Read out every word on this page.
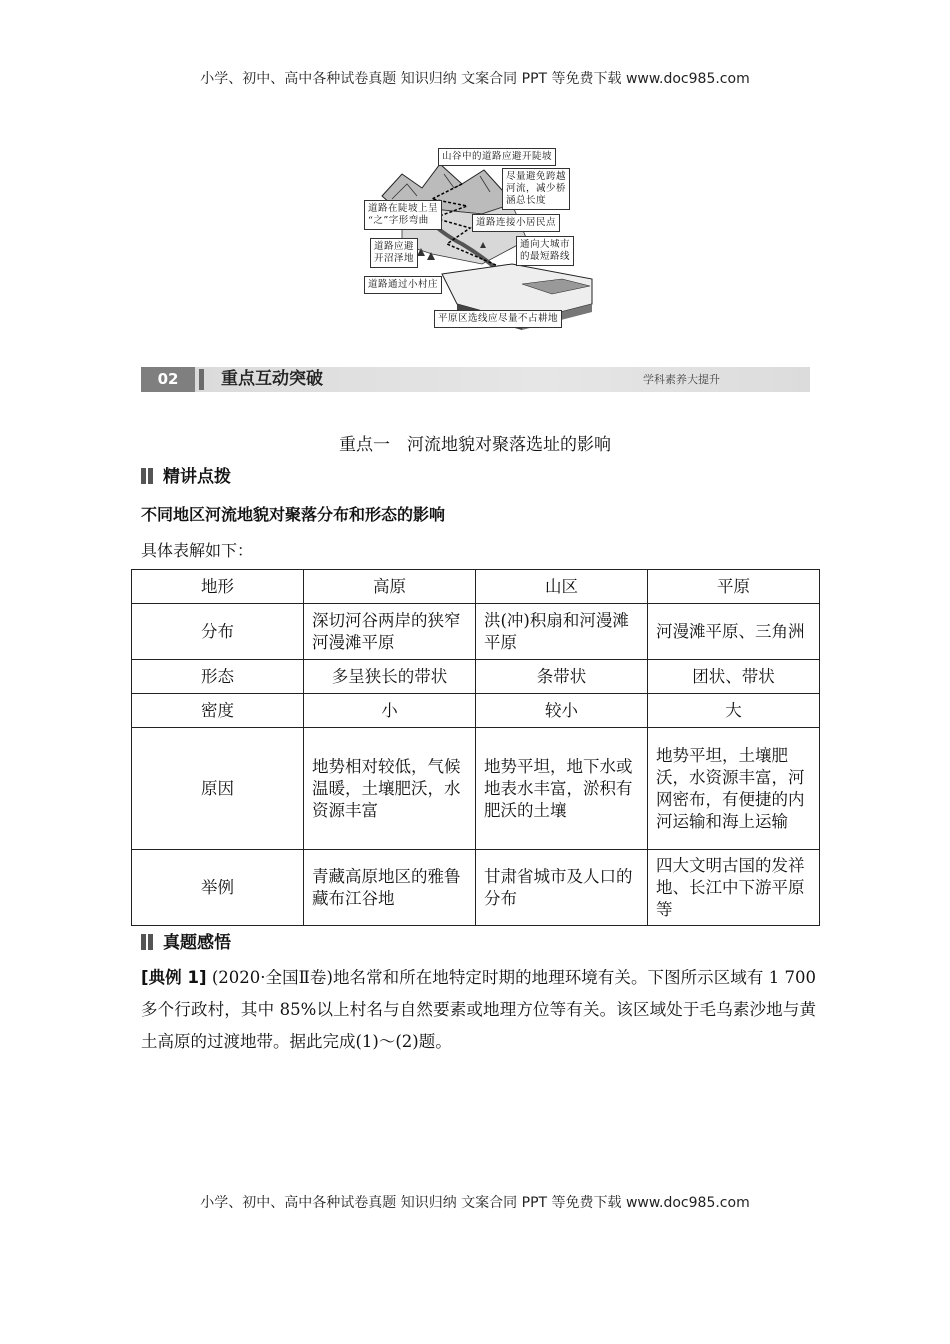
小学、初中、高中各种试卷真题 知识归纳 文案合同 PPT 等免费下载 www.doc985.com
山谷中的道路应避开陡坡
尽量避免跨越
河流，减少桥
涵总长度
道路在陡坡上呈
“之”字形弯曲	道路连接小居民点
道路应避
开沼泽地
通向大城市
的最短路线
道路通过小村庄
平原区选线应尽量不占耕地
02	重点互动突破	学科素养大提升
重点一　河流地貌对聚落选址的影响
精讲点拨
不同地区河流地貌对聚落分布和形态的影响
具体表解如下：
地形	高原	山区	平原
分布	深切河谷两岸的狭窄河漫滩平原	洪(冲)积扇和河漫滩平原	河漫滩平原、三角洲
形态	多呈狭长的带状	条带状	团状、带状
密度	小	较小	大
原因	地势相对较低，气候温暖，土壤肥沃，水资源丰富	地势平坦，地下水或地表水丰富，淤积有肥沃的土壤	地势平坦，土壤肥沃，水资源丰富，河网密布，有便捷的内河运输和海上运输
举例	青藏高原地区的雅鲁藏布江谷地	甘肃省城市及人口的分布	四大文明古国的发祥地、长江中下游平原等
真题感悟
[典例 1] (2020·全国Ⅱ卷)地名常和所在地特定时期的地理环境有关。下图所示区域有 1 700 多个行政村，其中 85%以上村名与自然要素或地理方位等有关。该区域处于毛乌素沙地与黄土高原的过渡地带。据此完成(1)～(2)题。
小学、初中、高中各种试卷真题 知识归纳 文案合同 PPT 等免费下载 www.doc985.com
